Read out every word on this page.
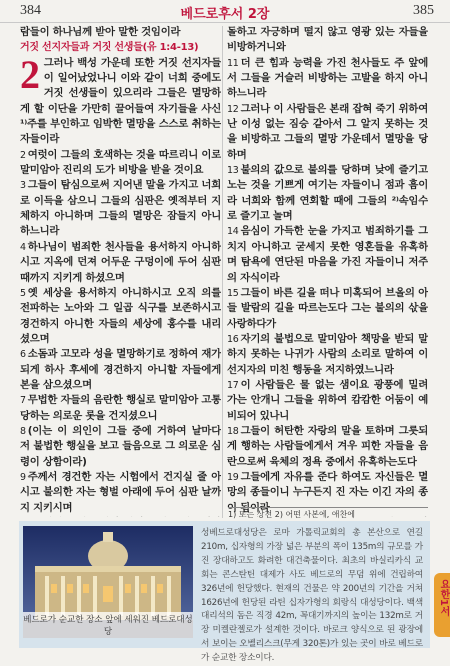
384	베드로후서 2장	385
람들이 하나님께 받아 말한 것임이라
거짓 선지자들과 거짓 선생들(유 1:4-13)
2 그러나 백성 가운데 또한 거짓 선지자들이 일어났었나니 이와 같이 너희 중에도 거짓 선생들이 있으리라 그들은 멸망하게 할 이단을 가만히 끌어들여 자기들을 사신 ¹⁾주를 부인하고 임박한 멸망을 스스로 취하는 자들이라
2 여럿이 그들의 호색하는 것을 따르리니 이로 말미암아 진리의 도가 비방을 받을 것이요
3 그들이 탐심으로써 지어낸 말을 가지고 너희로 이득을 삼으니 그들의 심판은 옛적부터 지체하지 아니하며 그들의 멸망은 잠들지 아니하느니라
4 하나님이 범죄한 천사들을 용서하지 아니하시고 지옥에 던져 어두운 구덩이에 두어 심판 때까지 지키게 하셨으며
5 옛 세상을 용서하지 아니하시고 오직 의를 전파하는 노아와 그 일곱 식구를 보존하시고 경건하지 아니한 자들의 세상에 홍수를 내리셨으며
6 소돔과 고모라 성을 멸망하기로 정하여 재가 되게 하사 후세에 경건하지 아니할 자들에게 본을 삼으셨으며
7 무법한 자들의 음란한 행실로 말미암아 고통 당하는 의로운 롯을 건지셨으니
8 (이는 이 의인이 그들 중에 거하여 날마다 저 불법한 행실을 보고 들음으로 그 의로운 심령이 상함이라)
9 주께서 경건한 자는 시험에서 건지실 줄 아시고 불의한 자는 형벌 아래에 두어 심판 날까지 지키시며
돌하고 자긍하며 떨지 않고 영광 있는 자들을 비방하거니와
11 더 큰 힘과 능력을 가진 천사들도 주 앞에서 그들을 거슬러 비방하는 고발을 하지 아니하느니라
12 그러나 이 사람들은 본래 잡혀 죽기 위하여 난 이성 없는 짐승 같아서 그 알지 못하는 것을 비방하고 그들의 멸망 가운데서 멸망을 당하며
13 불의의 값으로 불의를 당하며 낮에 즐기고 노는 것을 기쁘게 여기는 자들이니 점과 흠이라 너희와 함께 연회할 때에 그들의 ²⁾속임수로 즐기고 놀며
14 음심이 가득한 눈을 가지고 범죄하기를 그치지 아니하고 굳세지 못한 영혼들을 유혹하며 탐욕에 연단된 마음을 가진 자들이니 저주의 자식이라
15 그들이 바른 길을 떠나 미혹되어 브올의 아들 발람의 길을 따르는도다 그는 불의의 삯을 사랑하다가
16 자기의 불법으로 말미암아 책망을 받되 말하지 못하는 나귀가 사람의 소리로 말하여 이 선지자의 미친 행동을 저지하였느니라
17 이 사람들은 물 없는 샘이요 광풍에 밀려 가는 안개니 그들을 위하여 캄캄한 어둠이 예비되어 있나니
18 그들이 허탄한 자랑의 말을 토하며 그릇되게 행하는 사람들에게서 겨우 피한 자들을 음란으로써 육체의 정욕 중에서 유혹하는도다
19 그들에게 자유를 준다 하여도 자신들은 멸망의 종들이니 누구든지 진 자는 이긴 자의 종이 됨이라
1) 또는 상전 2) 어떤 사본에, 애찬에
베드로가 순교한 장소 앞에 세워진 베드로대성당
성베드로대성당은 로마 가톨릭교회의 총 본산으로 연길 210m, 십자형의 가장 넓은 부분의 폭이 135m의 규모를 가진 장대하고도 화려한 대건축물이다. 최초의 바실리카식 교회는 콘스탄틴 대제가 사도 베드로의 무덤 위에 건립하여 326년에 헌당했다. 현재의 건물은 약 200년의 기간을 거쳐 1626년에 헌당된 라틴 십자가형의 회랑식 대성당이다. 백색 대리석의 돔은 직경 42m, 꼭대기까지의 높이는 132m로 거장 미켈란젤로가 설계한 것이다. 바로크 양식으로 된 광장에서 보이는 오벨리스크(무게 320톤)가 있는 곳이 바로 베드로가 순교한 장소이다.
요한1서
